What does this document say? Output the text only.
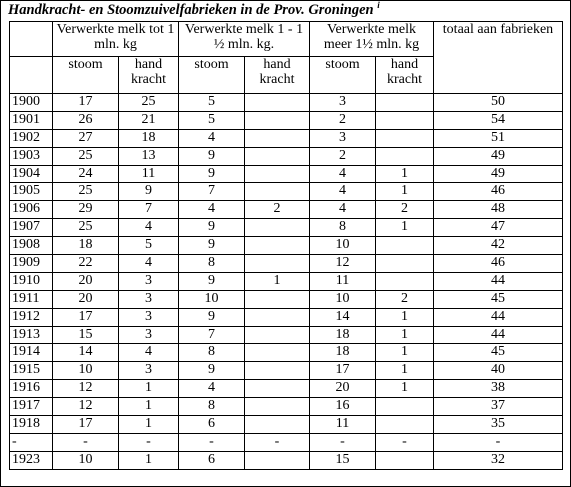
Handkracht- en Stoomzuivelfabrieken in de Prov. Groningen $^i$
	Verwerkte melk tot 1 mln. kg		Verwerkte melk 1 - 1 ½ mln. kg.		Verwerkte melk meer 1½ mln. kg		totaal aan fabrieken
	stoom	hand kracht	stoom	hand kracht	stoom	hand kracht	
1900	17	25	5		3		50
1901	26	21	5		2		54
1902	27	18	4		3		51
1903	25	13	9		2		49
1904	24	11	9		4	1	49
1905	25	9	7		4	1	46
1906	29	7	4	2	4	2	48
1907	25	4	9		8	1	47
1908	18	5	9		10		42
1909	22	4	8		12		46
1910	20	3	9	1	11		44
1911	20	3	10		10	2	45
1912	17	3	9		14	1	44
1913	15	3	7		18	1	44
1914	14	4	8		18	1	45
1915	10	3	9		17	1	40
1916	12	1	4		20	1	38
1917	12	1	8		16		37
1918	17	1	6		11		35
-	-	-	-	-	-	-	-
1923	10	1	6		15		32
